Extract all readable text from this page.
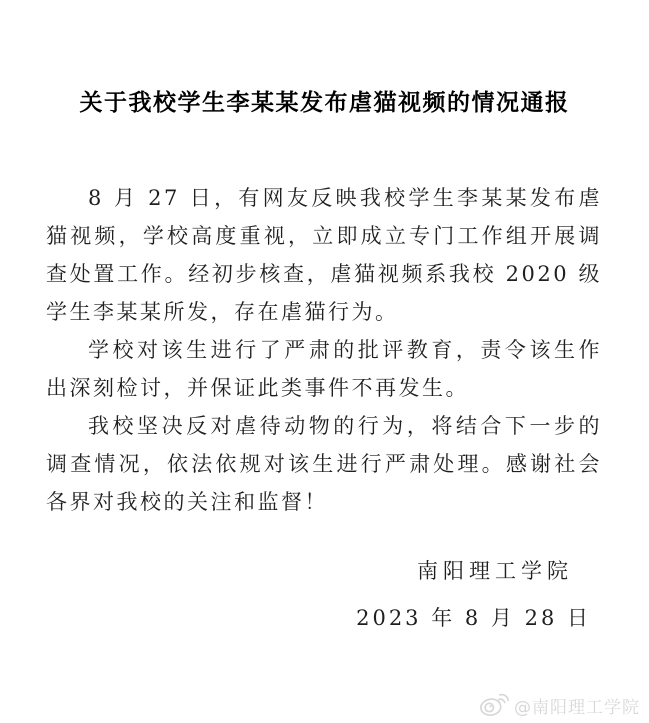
关于我校学生李某某发布虐猫视频的情况通报

8 月 27 日，有网友反映我校学生李某某发布虐猫视频，学校高度重视，立即成立专门工作组开展调查处置工作。经初步核查，虐猫视频系我校 2020 级学生李某某所发，存在虐猫行为。

学校对该生进行了严肃的批评教育，责令该生作出深刻检讨，并保证此类事件不再发生。

我校坚决反对虐待动物的行为，将结合下一步的调查情况，依法依规对该生进行严肃处理。感谢社会各界对我校的关注和监督！

南阳理工学院
2023 年 8 月 28 日
@南阳理工学院
